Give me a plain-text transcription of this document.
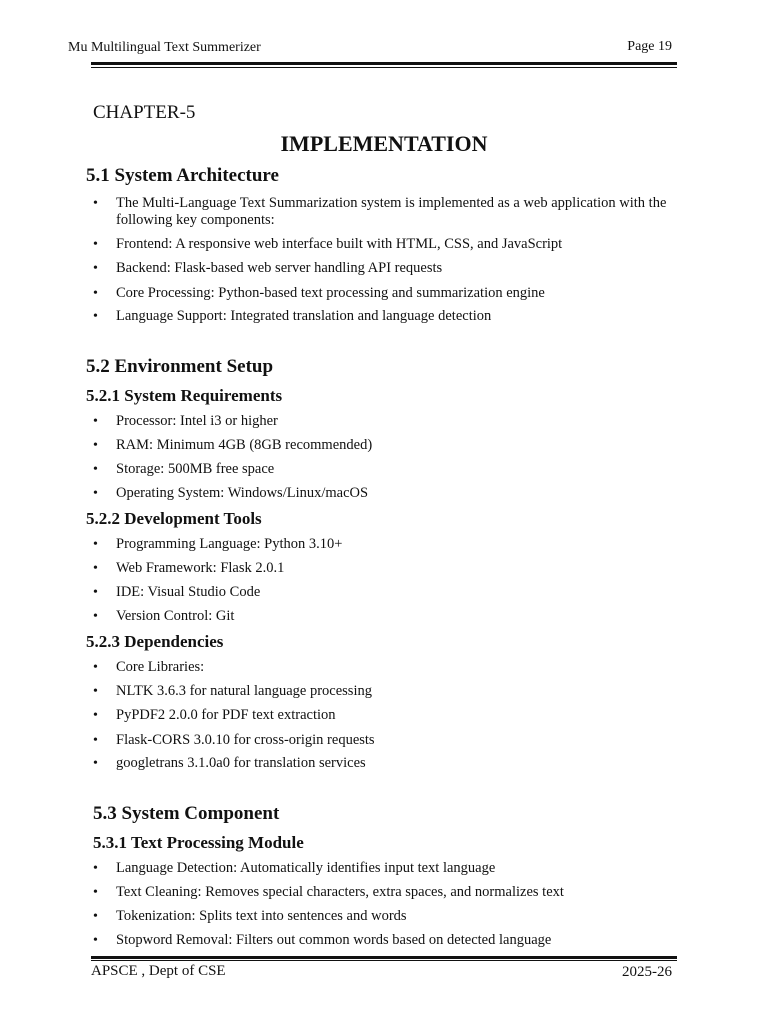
Mu Multilingual Text Summerizer	Page 19
CHAPTER-5
IMPLEMENTATION
5.1 System Architecture
• The Multi-Language Text Summarization system is implemented as a web application with the following key components:
• Frontend: A responsive web interface built with HTML, CSS, and JavaScript
• Backend: Flask-based web server handling API requests
• Core Processing: Python-based text processing and summarization engine
• Language Support: Integrated translation and language detection
5.2 Environment Setup
5.2.1 System Requirements
• Processor: Intel i3 or higher
• RAM: Minimum 4GB (8GB recommended)
• Storage: 500MB free space
• Operating System: Windows/Linux/macOS
5.2.2 Development Tools
• Programming Language: Python 3.10+
• Web Framework: Flask 2.0.1
• IDE: Visual Studio Code
• Version Control: Git
5.2.3 Dependencies
• Core Libraries:
• NLTK 3.6.3 for natural language processing
• PyPDF2 2.0.0 for PDF text extraction
• Flask-CORS 3.0.10 for cross-origin requests
• googletrans 3.1.0a0 for translation services
5.3 System Component
5.3.1 Text Processing Module
• Language Detection: Automatically identifies input text language
• Text Cleaning: Removes special characters, extra spaces, and normalizes text
• Tokenization: Splits text into sentences and words
• Stopword Removal: Filters out common words based on detected language
APSCE , Dept of CSE	2025-26
